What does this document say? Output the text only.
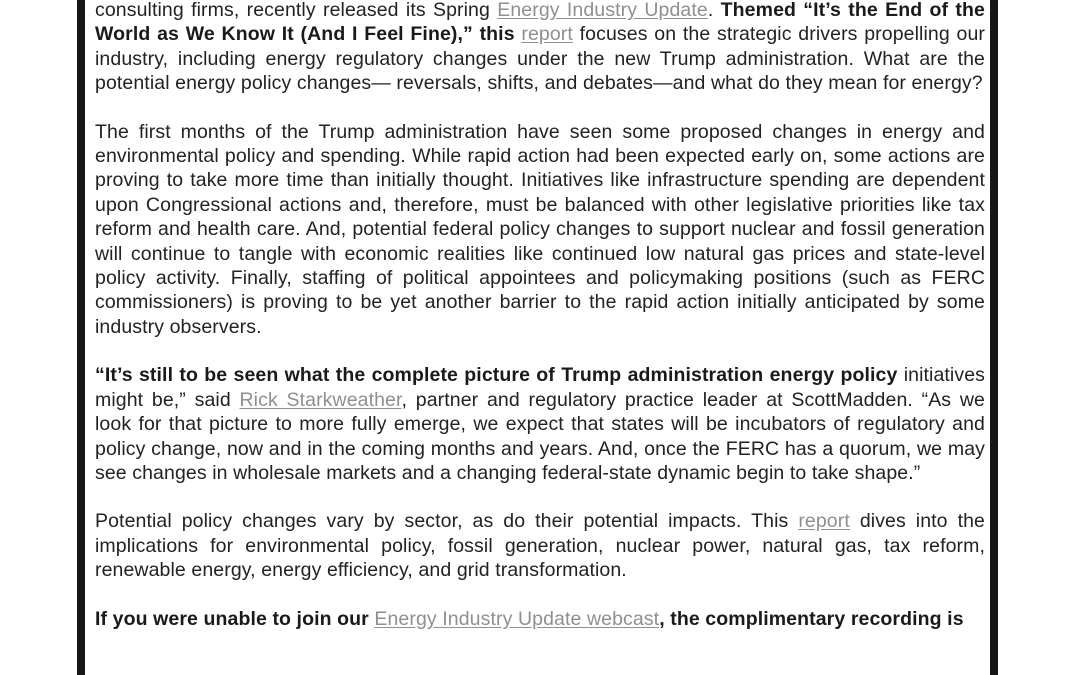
consulting firms, recently released its Spring Energy Industry Update. Themed “It’s the End of the World as We Know It (And I Feel Fine),” this report focuses on the strategic drivers propelling our industry, including energy regulatory changes under the new Trump administration. What are the potential energy policy changes— reversals, shifts, and debates—and what do they mean for energy?

The first months of the Trump administration have seen some proposed changes in energy and environmental policy and spending. While rapid action had been expected early on, some actions are proving to take more time than initially thought. Initiatives like infrastructure spending are dependent upon Congressional actions and, therefore, must be balanced with other legislative priorities like tax reform and health care. And, potential federal policy changes to support nuclear and fossil generation will continue to tangle with economic realities like continued low natural gas prices and state-level policy activity. Finally, staffing of political appointees and policymaking positions (such as FERC commissioners) is proving to be yet another barrier to the rapid action initially anticipated by some industry observers.

“It’s still to be seen what the complete picture of Trump administration energy policy initiatives might be,” said Rick Starkweather, partner and regulatory practice leader at ScottMadden. “As we look for that picture to more fully emerge, we expect that states will be incubators of regulatory and policy change, now and in the coming months and years. And, once the FERC has a quorum, we may see changes in wholesale markets and a changing federal-state dynamic begin to take shape.”

Potential policy changes vary by sector, as do their potential impacts. This report dives into the implications for environmental policy, fossil generation, nuclear power, natural gas, tax reform, renewable energy, energy efficiency, and grid transformation.

If you were unable to join our Energy Industry Update webcast, the complimentary recording is
